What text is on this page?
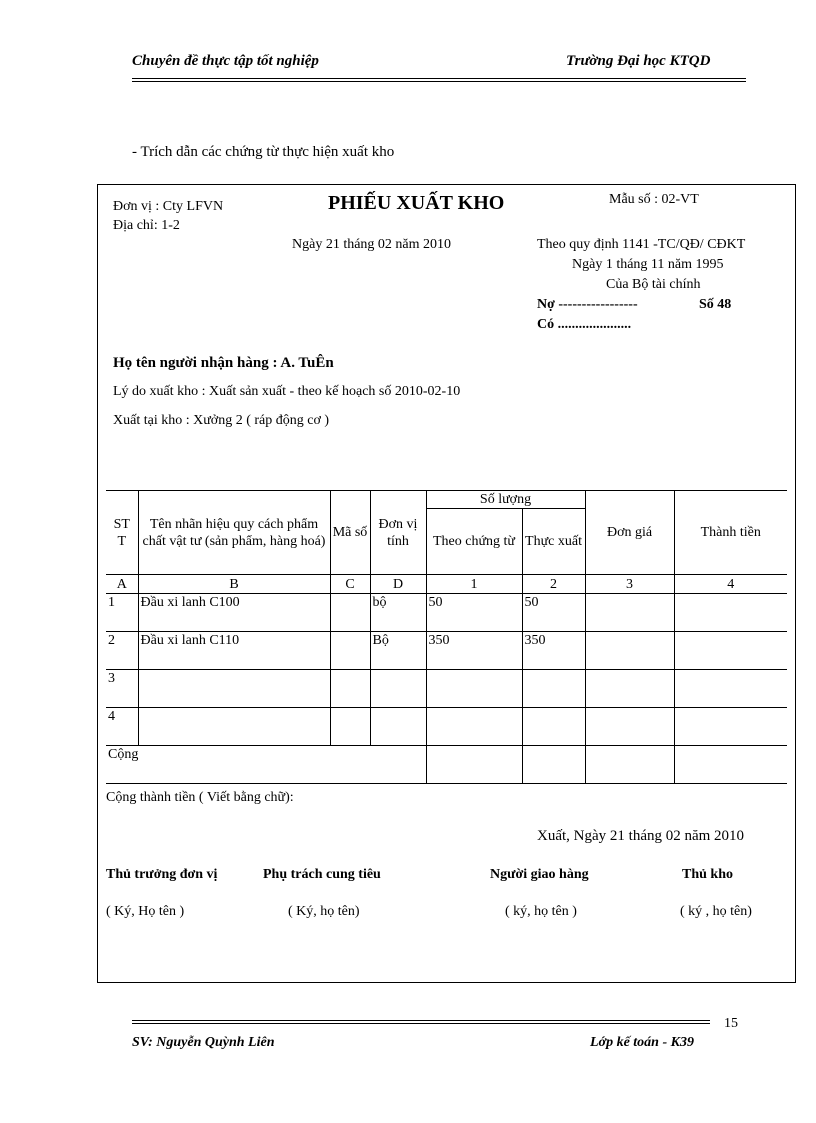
Chuyên đề thực tập tốt nghiệp	Trường Đại học KTQD
- Trích dẫn các chứng từ thực hiện xuất kho
Đơn vị : Cty LFVN
Địa chỉ: 1-2
PHIẾU XUẤT KHO	Mẫu số : 02-VT
Ngày 21 tháng 02 năm 2010	Theo quy định 1141 -TC/QĐ/ CĐKT
Ngày 1 tháng 11 năm 1995
Của Bộ tài chính
Nợ -----------------	Số 48
Có .....................
Họ tên người nhận hàng : A. TuÊn
Lý do xuất kho : Xuất sản xuất - theo kế hoạch số 2010-02-10
Xuất tại kho : Xưởng 2 ( ráp động cơ )
ST T	Tên nhãn hiệu quy cách phẩm chất vật tư (sản phẩm, hàng hoá)	Mã số	Đơn vị tính	Số lượng		Đơn giá	Thành tiền
				Theo chứng từ	Thực xuất		
A	B	C	D	1	2	3	4
1	Đầu xi lanh C100		bộ	50	50		
2	Đầu xi lanh C110		Bộ	350	350		
3							
4							
Cộng							
Cộng thành tiền ( Viết bằng chữ):
Xuất, Ngày 21 tháng 02 năm 2010
Thủ trưởng đơn vị	Phụ trách cung tiêu	Người giao hàng	Thủ kho
( Ký, Họ tên )	( Ký, họ tên)	( ký, họ tên )	( ký , họ tên)
15
SV: Nguyễn Quỳnh Liên	Lớp kế toán - K39
